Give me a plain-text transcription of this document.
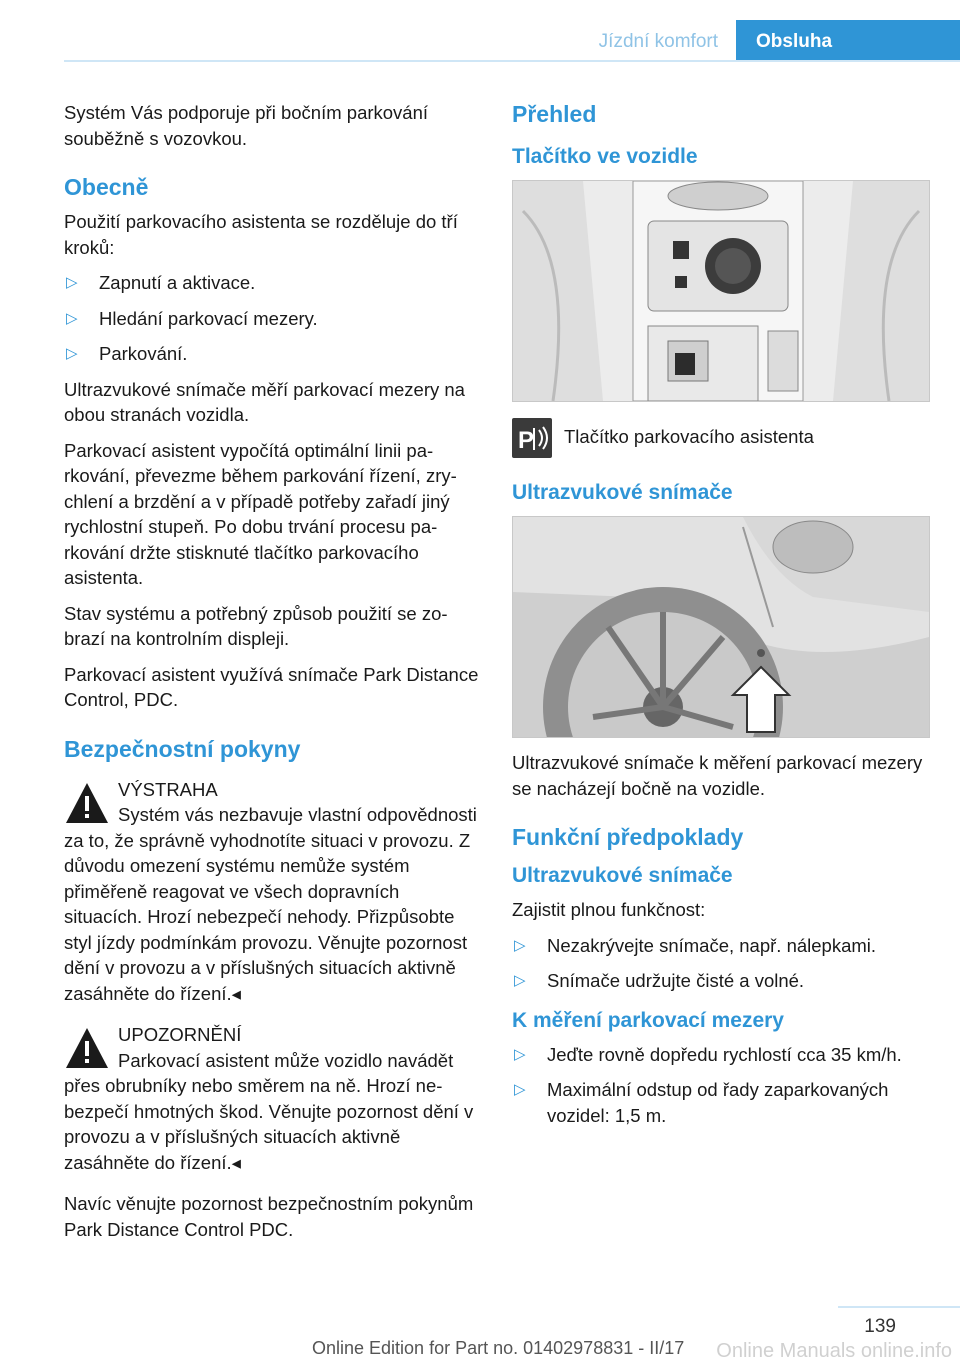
Jízdní komfort	Obsluha

Systém Vás podporuje při bočním parkování souběžně s vozovkou.

Obecně

Použití parkovacího asistenta se rozděluje do tří kroků:

▷ Zapnutí a aktivace.
▷ Hledání parkovací mezery.
▷ Parkování.

Ultrazvukové snímače měří parkovací mezery na obou stranách vozidla.

Parkovací asistent vypočítá optimální linii parkování, převezme během parkování řízení, zrychlení a brzdění a v případě potřeby zařadí jiný rychlostní stupeň. Po dobu trvání procesu parkování držte stisknuté tlačítko parkovacího asistenta.

Stav systému a potřebný způsob použití se zobrazí na kontrolním displeji.

Parkovací asistent využívá snímače Park Distance Control, PDC.

Bezpečnostní pokyny
VÝSTRAHA
Systém vás nezbavuje vlastní odpovědnosti za to, že správně vyhodnotíte situaci v provozu. Z důvodu omezení systému nemůže systém přiměřeně reagovat ve všech dopravních situacích. Hrozí nebezpečí nehody. Přizpůsobte styl jízdy podmínkám provozu. Věnujte pozornost dění v provozu a v příslušných situacích aktivně zasáhněte do řízení.◂
UPOZORNĚNÍ
Parkovací asistent může vozidlo navádět přes obrubníky nebo směrem na ně. Hrozí nebezpečí hmotných škod. Věnujte pozornost dění v provozu a v příslušných situacích aktivně zasáhněte do řízení.◂

Navíc věnujte pozornost bezpečnostním pokynům Park Distance Control PDC.

Přehled
Tlačítko ve vozidle
P Tlačítko parkovacího asistenta
Ultrazvukové snímače

Ultrazvukové snímače k měření parkovací mezery se nacházejí bočně na vozidle.

Funkční předpoklady
Ultrazvukové snímače

Zajistit plnou funkčnost:

▷ Nezakrývejte snímače, např. nálepkami.
▷ Snímače udržujte čisté a volné.
K měření parkovací mezery
▷ Jeďte rovně dopředu rychlostí cca 35 km/h.
▷ Maximální odstup od řady zaparkovaných vozidel: 1,5 m.
139
Online Edition for Part no. 01402978831 - II/17 Online Manuals online.info
